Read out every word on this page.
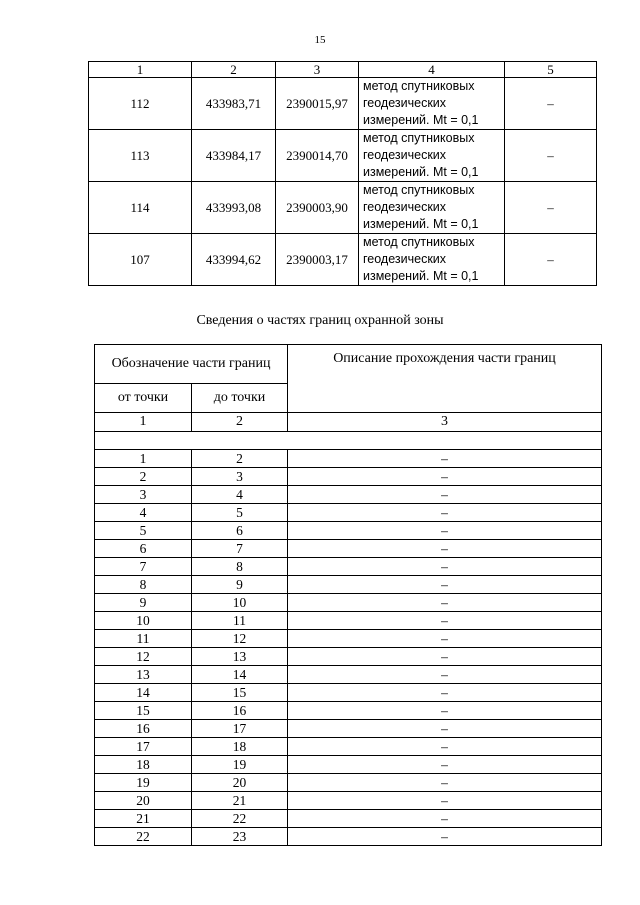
15
1	2	3	4	5
112	433983,71	2390015,97	метод спутниковых
геодезических
измерений. Mt = 0,1	–
113	433984,17	2390014,70	метод спутниковых
геодезических
измерений. Mt = 0,1	–
114	433993,08	2390003,90	метод спутниковых
геодезических
измерений. Mt = 0,1	–
107	433994,62	2390003,17	метод спутниковых
геодезических
измерений. Mt = 0,1	–
Сведения о частях границ охранной зоны
Обозначение части границ		Описание прохождения части границ
от точки	до точки	
1	2	3

1	2	–
2	3	–
3	4	–
4	5	–
5	6	–
6	7	–
7	8	–
8	9	–
9	10	–
10	11	–
11	12	–
12	13	–
13	14	–
14	15	–
15	16	–
16	17	–
17	18	–
18	19	–
19	20	–
20	21	–
21	22	–
22	23	–
